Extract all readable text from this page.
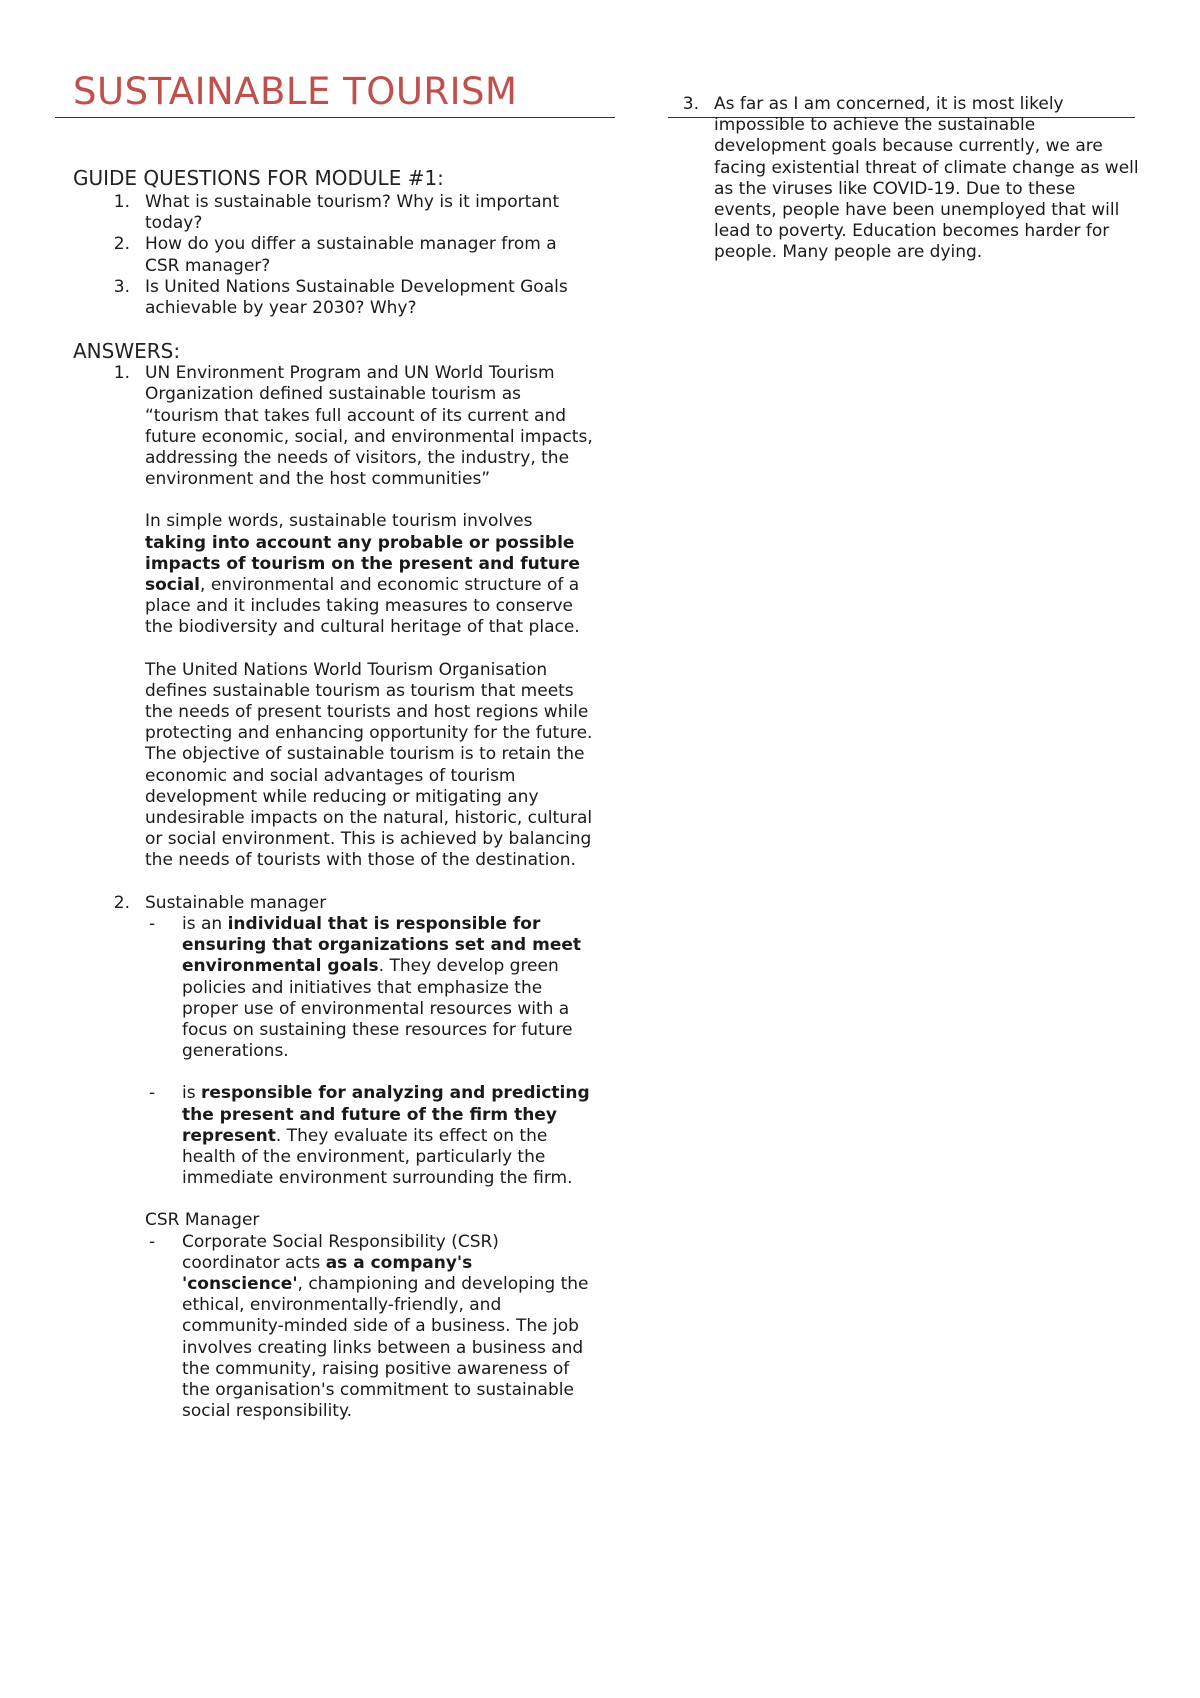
SUSTAINABLE TOURISM
GUIDE QUESTIONS FOR MODULE #1:
1. What is sustainable tourism? Why is it important today?
2. How do you differ a sustainable manager from a CSR manager?
3. Is United Nations Sustainable Development Goals achievable by year 2030? Why?
ANSWERS:
1. UN Environment Program and UN World Tourism Organization defined sustainable tourism as “tourism that takes full account of its current and future economic, social, and environmental impacts, addressing the needs of visitors, the industry, the environment and the host communities”
In simple words, sustainable tourism involves taking into account any probable or possible impacts of tourism on the present and future social, environmental and economic structure of a place and it includes taking measures to conserve the biodiversity and cultural heritage of that place.
The United Nations World Tourism Organisation defines sustainable tourism as tourism that meets the needs of present tourists and host regions while protecting and enhancing opportunity for the future. The objective of sustainable tourism is to retain the economic and social advantages of tourism development while reducing or mitigating any undesirable impacts on the natural, historic, cultural or social environment. This is achieved by balancing the needs of tourists with those of the destination.
2. Sustainable manager
-	is an individual that is responsible for ensuring that organizations set and meet environmental goals. They develop green policies and initiatives that emphasize the proper use of environmental resources with a focus on sustaining these resources for future generations.
-	is responsible for analyzing and predicting the present and future of the firm they represent. They evaluate its effect on the health of the environment, particularly the immediate environment surrounding the firm.
CSR Manager
-	Corporate Social Responsibility (CSR) coordinator acts as a company's 'conscience', championing and developing the ethical, environmentally-friendly, and community-minded side of a business. The job involves creating links between a business and the community, raising positive awareness of the organisation's commitment to sustainable social responsibility.
3. As far as I am concerned, it is most likely impossible to achieve the sustainable development goals because currently, we are facing existential threat of climate change as well as the viruses like COVID-19. Due to these events, people have been unemployed that will lead to poverty. Education becomes harder for people. Many people are dying.
